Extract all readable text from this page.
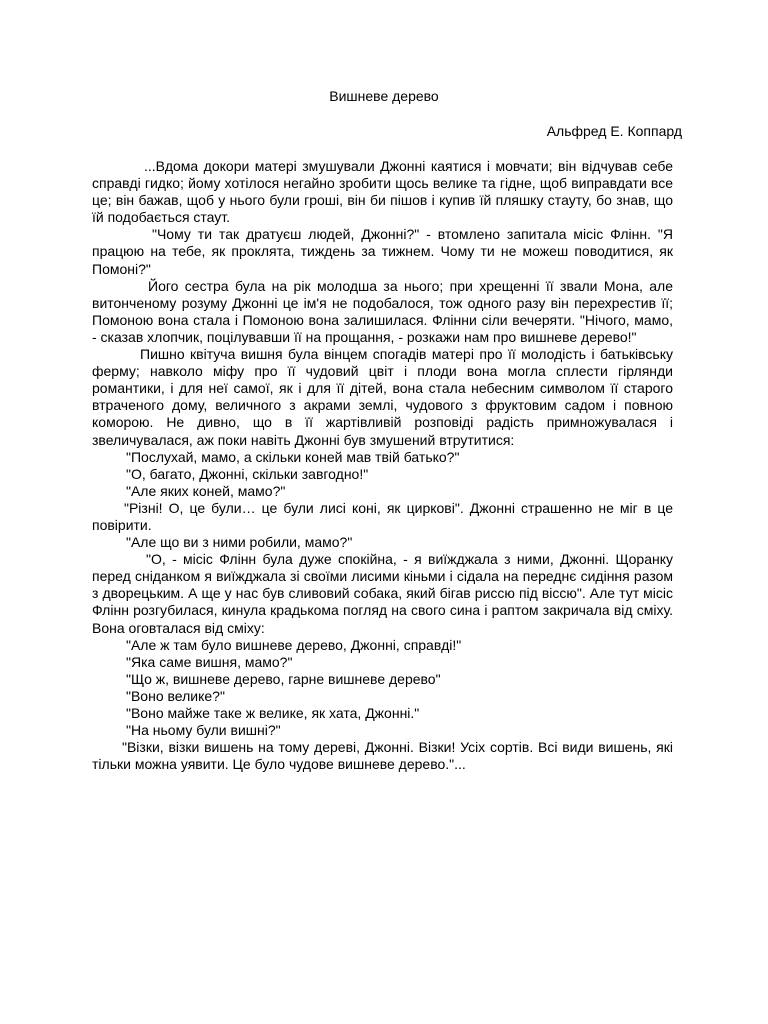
Вишневе дерево
Альфред Е. Коппард

...Вдома докори матері змушували Джонні каятися і мовчати; він відчував себе справді гидко; йому хотілося негайно зробити щось велике та гідне, щоб виправдати все це; він бажав, щоб у нього були гроші, він би пішов і купив їй пляшку стауту, бо знав, що їй подобається стаут.

"Чому ти так дратуєш людей, Джонні?" - втомлено запитала місіс Флінн. "Я працюю на тебе, як проклята, тиждень за тижнем. Чому ти не можеш поводитися, як Помоні?"

Його сестра була на рік молодша за нього; при хрещенні її звали Мона, але витонченому розуму Джонні це ім'я не подобалося, тож одного разу він перехрестив її; Помоною вона стала і Помоною вона залишилася. Флінни сіли вечеряти. "Нічого, мамо, - сказав хлопчик, поцілувавши її на прощання, - розкажи нам про вишневе дерево!"

Пишно квітуча вишня була вінцем спогадів матері про її молодість і батьківську ферму; навколо міфу про її чудовий цвіт і плоди вона могла сплести гірлянди романтики, і для неї самої, як і для її дітей, вона стала небесним символом її старого втраченого дому, величного з акрами землі, чудового з фруктовим садом і повною коморою. Не дивно, що в її жартівливій розповіді радість примножувалася і звеличувалася, аж поки навіть Джонні був змушений втрутитися:

"Послухай, мамо, а скільки коней мав твій батько?"

"О, багато, Джонні, скільки завгодно!"

"Але яких коней, мамо?"

"Різні! О, це були… це були лисі коні, як циркові". Джонні страшенно не міг в це повірити.

"Але що ви з ними робили, мамо?"

"О, - місіс Флінн була дуже спокійна, - я виїжджала з ними, Джонні. Щоранку перед сніданком я виїжджала зі своїми лисими кіньми і сідала на переднє сидіння разом з дворецьким. А ще у нас був сливовий собака, який бігав риссю під віссю". Але тут місіс Флінн розгубилася, кинула крадькома погляд на свого сина і раптом закричала від сміху. Вона оговталася від сміху:

"Але ж там було вишневе дерево, Джонні, справді!"

"Яка саме вишня, мамо?"

"Що ж, вишневе дерево, гарне вишневе дерево"

"Воно велике?"

"Воно майже таке ж велике, як хата, Джонні."

"На ньому були вишні?"

"Візки, візки вишень на тому дереві, Джонні. Візки! Усіх сортів. Всі види вишень, які тільки можна уявити. Це було чудове вишневе дерево."...
